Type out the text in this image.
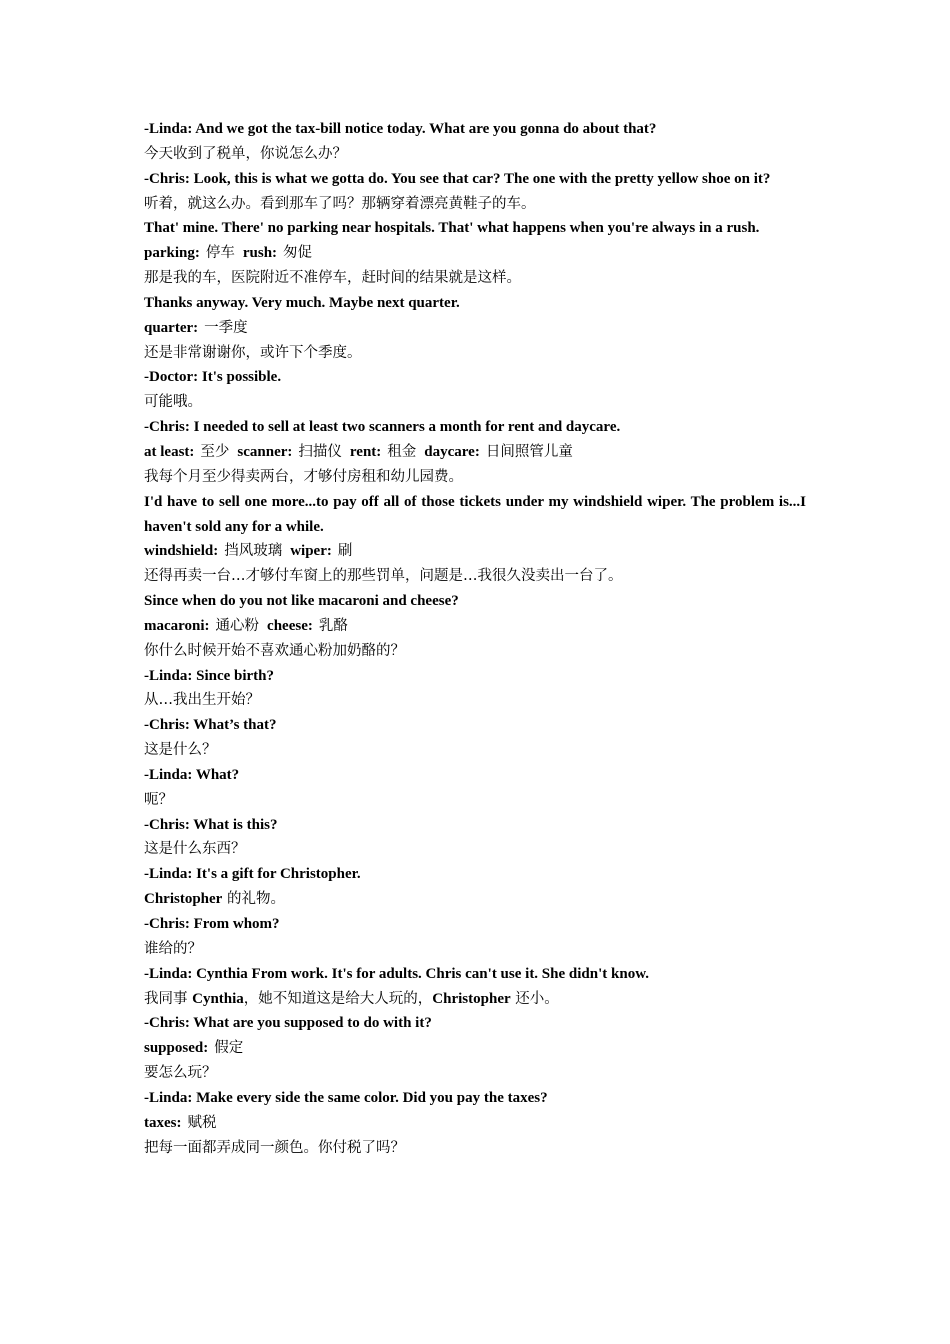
-Linda: And we got the tax-bill notice today. What are you gonna do about that?

今天收到了税单，你说怎么办？

-Chris: Look, this is what we gotta do. You see that car? The one with the pretty yellow shoe on it?

听着，就这么办。看到那车了吗？那辆穿着漂亮黄鞋子的车。

That' mine. There' no parking near hospitals. That' what happens when you're always in a rush.

parking: 停车 rush: 匆促

那是我的车，医院附近不准停车，赶时间的结果就是这样。

Thanks anyway. Very much. Maybe next quarter.

quarter: 一季度

还是非常谢谢你，或许下个季度。

-Doctor: It's possible.

可能哦。

-Chris: I needed to sell at least two scanners a month for rent and daycare.

at least: 至少 scanner: 扫描仪 rent: 租金 daycare: 日间照管儿童

我每个月至少得卖两台，才够付房租和幼儿园费。

I'd have to sell one more...to pay off all of those tickets under my windshield wiper. The problem is...I haven't sold any for a while.

windshield: 挡风玻璃 wiper: 刷

还得再卖一台…才够付车窗上的那些罚单，问题是…我很久没卖出一台了。

Since when do you not like macaroni and cheese?

macaroni: 通心粉 cheese: 乳酪

你什么时候开始不喜欢通心粉加奶酪的？

-Linda: Since birth?

从…我出生开始？

-Chris: What’s that?

这是什么？

-Linda: What?

呃？

-Chris: What is this?

这是什么东西？

-Linda: It's a gift for Christopher.

Christopher 的礼物。

-Chris: From whom?

谁给的？

-Linda: Cynthia From work. It's for adults. Chris can't use it. She didn't know.

我同事 Cynthia，她不知道这是给大人玩的，Christopher 还小。

-Chris: What are you supposed to do with it?

supposed: 假定

要怎么玩？

-Linda: Make every side the same color. Did you pay the taxes?

taxes: 赋税

把每一面都弄成同一颜色。你付税了吗？
